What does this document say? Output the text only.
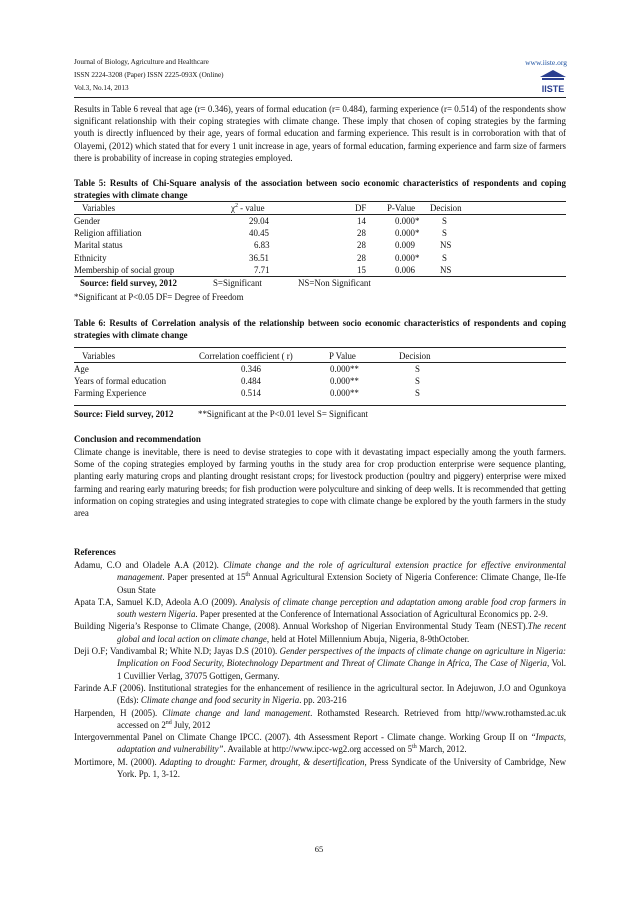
Journal of Biology, Agriculture and Healthcare
ISSN 2224-3208 (Paper) ISSN 2225-093X (Online)
Vol.3, No.14, 2013
www.iiste.org
IISTE
Results in Table 6 reveal that age (r= 0.346), years of formal education (r= 0.484), farming experience (r= 0.514) of the respondents show significant relationship with their coping strategies with climate change. These imply that chosen of coping strategies by the farming youth is directly influenced by their age, years of formal education and farming experience. This result is in corroboration with that of Olayemi, (2012) which stated that for every 1 unit increase in age, years of formal education, farming experience and farm size of farmers there is probability of increase in coping strategies employed.
Table 5: Results of Chi-Square analysis of the association between socio economic characteristics of respondents and coping strategies with climate change
Variables	$\chi^2$ - value	DF P-Value Decision
Gender	29.04	14	0.000*	S
Religion affiliation	40.45	28	0.000*	S
Marital status	6.83	28	0.009	NS
Ethnicity	36.51	28	0.000*	S
Membership of social group	7.71	15	0.006	NS
Source: field survey, 2012	S=Significant	NS=Non Significant
*Significant at P<0.05 DF= Degree of Freedom
Table 6: Results of Correlation analysis of the relationship between socio economic characteristics of respondents and coping strategies with climate change
Variables	Correlation coefficient ( r)	P Value	Decision
Age	0.346	0.000**	S
Years of formal education	0.484	0.000**	S
Farming Experience	0.514	0.000**	S
Source: Field survey, 2012	**Significant at the P<0.01 level S= Significant
Conclusion and recommendation
Climate change is inevitable, there is need to devise strategies to cope with it devastating impact especially among the youth farmers. Some of the coping strategies employed by farming youths in the study area for crop production enterprise were sequence planting, planting early maturing crops and planting drought resistant crops; for livestock production (poultry and piggery) enterprise were mixed farming and rearing early maturing breeds; for fish production were polyculture and sinking of deep wells. It is recommended that getting information on coping strategies and using integrated strategies to cope with climate change be explored by the youth farmers in the study area
References
Adamu, C.O and Oladele A.A (2012). Climate change and the role of agricultural extension practice for effective environmental management. Paper presented at 15th Annual Agricultural Extension Society of Nigeria Conference: Climate Change, Ile-Ife Osun State
Apata T.A, Samuel K.D, Adeola A.O (2009). Analysis of climate change perception and adaptation among arable food crop farmers in south western Nigeria. Paper presented at the Conference of International Association of Agricultural Economics pp. 2-9.
Building Nigeria’s Response to Climate Change, (2008). Annual Workshop of Nigerian Environmental Study Team (NEST).The recent global and local action on climate change, held at Hotel Millennium Abuja, Nigeria, 8-9thOctober.
Deji O.F; Vandivambal R; White N.D; Jayas D.S (2010). Gender perspectives of the impacts of climate change on agriculture in Nigeria: Implication on Food Security, Biotechnology Department and Threat of Climate Change in Africa, The Case of Nigeria, Vol. 1 Cuvillier Verlag, 37075 Gottigen, Germany.
Farinde A.F (2006). Institutional strategies for the enhancement of resilience in the agricultural sector. In Adejuwon, J.O and Ogunkoya (Eds): Climate change and food security in Nigeria. pp. 203-216
Harpenden, H (2005). Climate change and land management. Rothamsted Research. Retrieved from http//www.rothamsted.ac.uk accessed on 2nd July, 2012
Intergovernmental Panel on Climate Change IPCC. (2007). 4th Assessment Report - Climate change. Working Group II on “Impacts, adaptation and vulnerability”. Available at http://www.ipcc-wg2.org accessed on 5th March, 2012.
Mortimore, M. (2000). Adapting to drought: Farmer, drought, & desertification, Press Syndicate of the University of Cambridge, New York. Pp. 1, 3-12.
65
